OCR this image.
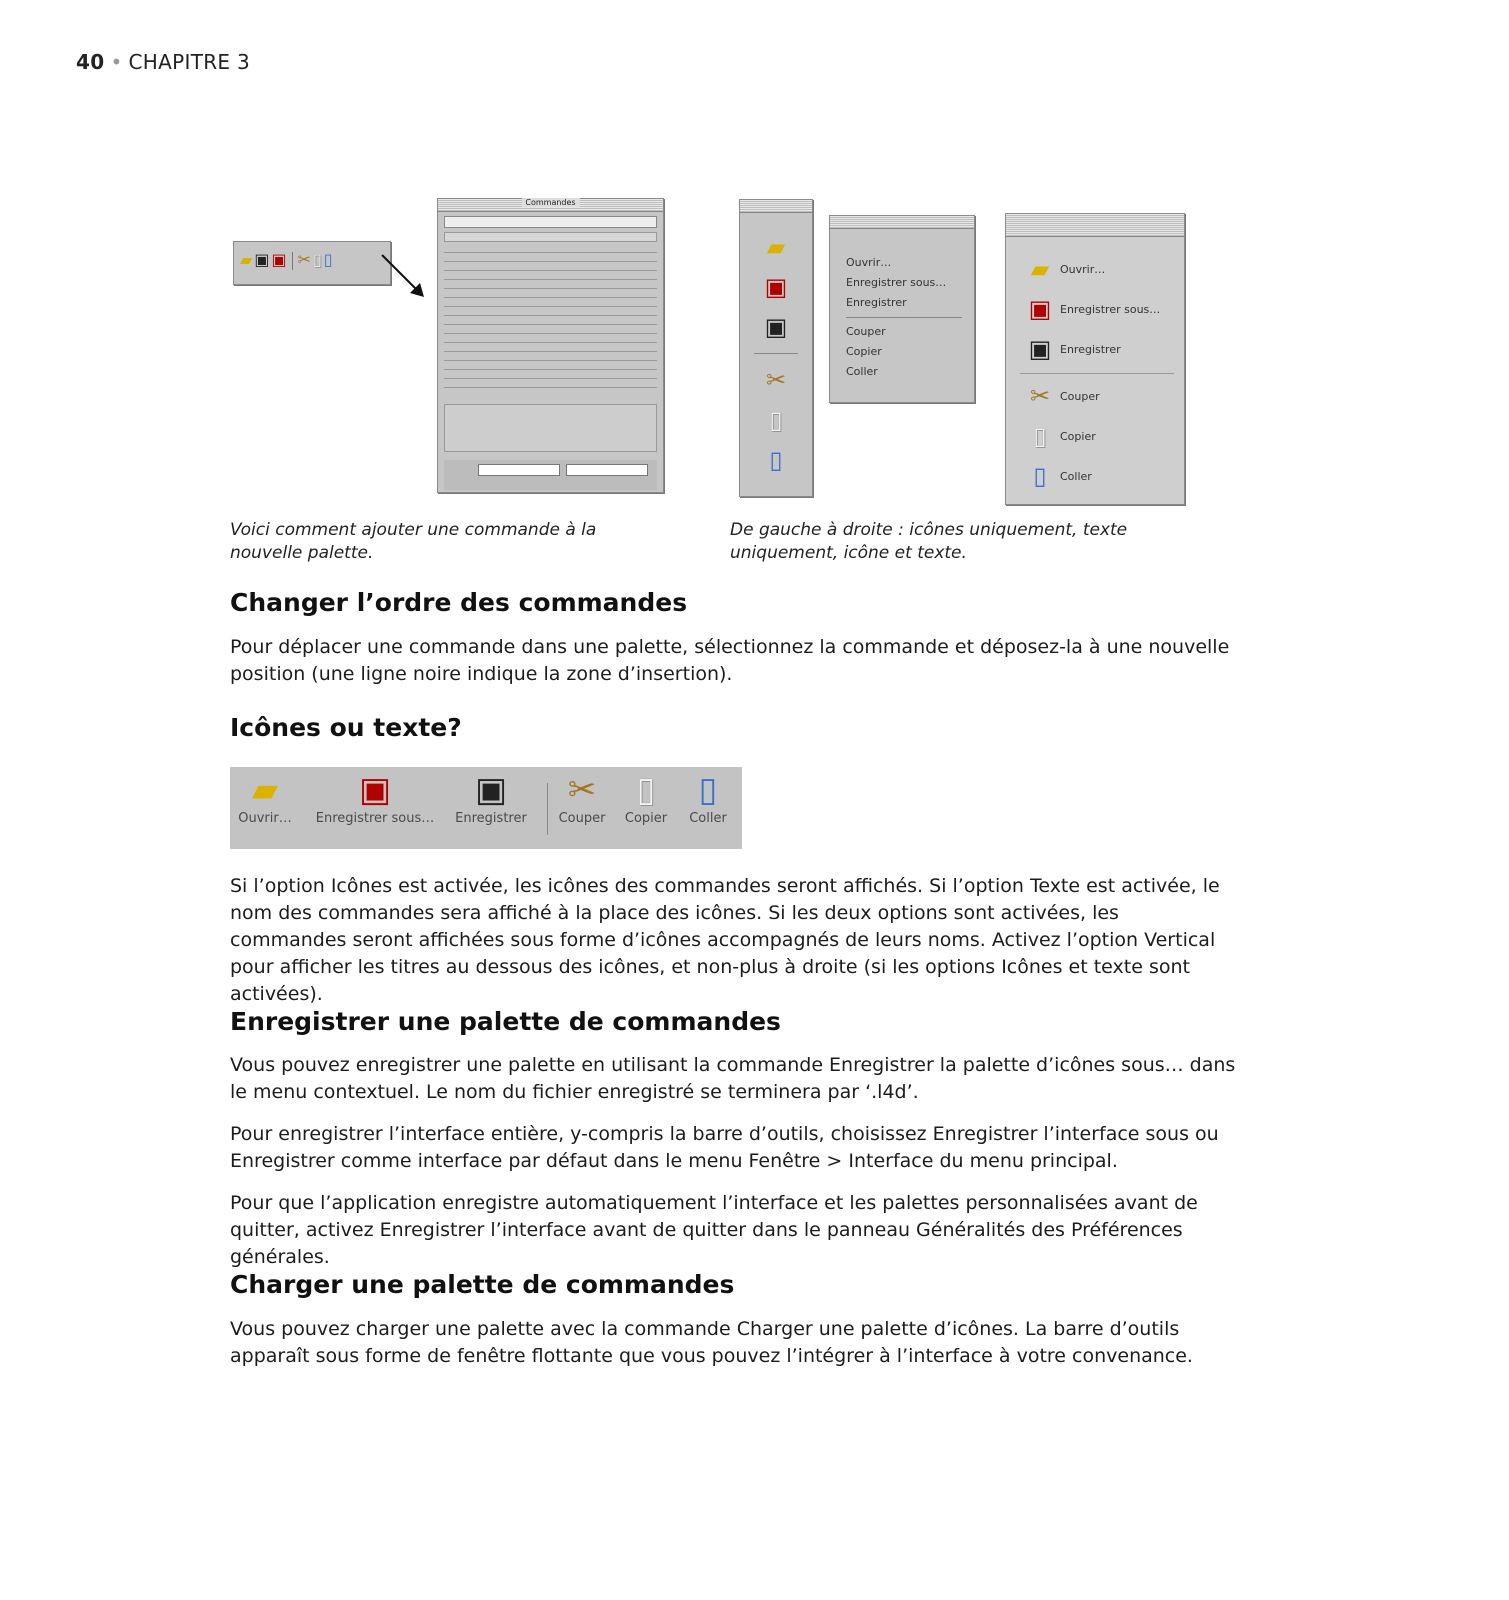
40 • CHAPITRE 3
▰ ▣ ▣ ✂ ▯ ▯
Commandes
Voici comment ajouter une commande à la nouvelle palette.
▰
▣
▣
✂
▯
▯
Ouvrir…
Enregistrer sous…
Enregistrer
Couper
Copier
Coller
▰ Ouvrir…
▣ Enregistrer sous…
▣ Enregistrer
✂ Couper
▯	Copier
▯	Coller
De gauche à droite : icônes uniquement, texte uniquement, icône et texte.
Changer l’ordre des commandes
Pour déplacer une commande dans une palette, sélectionnez la commande et déposez-la à une nouvelle position (une ligne noire indique la zone d’insertion).
Icônes ou texte?
▰
Ouvrir…
▣
Enregistrer sous…
▣
Enregistrer
✂
Couper
▯
Copier
▯
Coller
Si l’option Icônes est activée, les icônes des commandes seront affichés. Si l’option Texte est activée, le nom des commandes sera affiché à la place des icônes. Si les deux options sont activées, les commandes seront affichées sous forme d’icônes accompagnés de leurs noms. Activez l’option Vertical pour afficher les titres au dessous des icônes, et non-plus à droite (si les options Icônes et texte sont activées).
Enregistrer une palette de commandes
Vous pouvez enregistrer une palette en utilisant la commande Enregistrer la palette d’icônes sous… dans le menu contextuel. Le nom du fichier enregistré se terminera par ‘.l4d’.
Pour enregistrer l’interface entière, y-compris la barre d’outils, choisissez Enregistrer l’interface sous ou Enregistrer comme interface par défaut dans le menu Fenêtre > Interface du menu principal.
Pour que l’application enregistre automatiquement l’interface et les palettes personnalisées avant de quitter, activez Enregistrer l’interface avant de quitter dans le panneau Généralités des Préférences générales.
Charger une palette de commandes
Vous pouvez charger une palette avec la commande Charger une palette d’icônes. La barre d’outils apparaît sous forme de fenêtre flottante que vous pouvez l’intégrer à l’interface à votre convenance.
